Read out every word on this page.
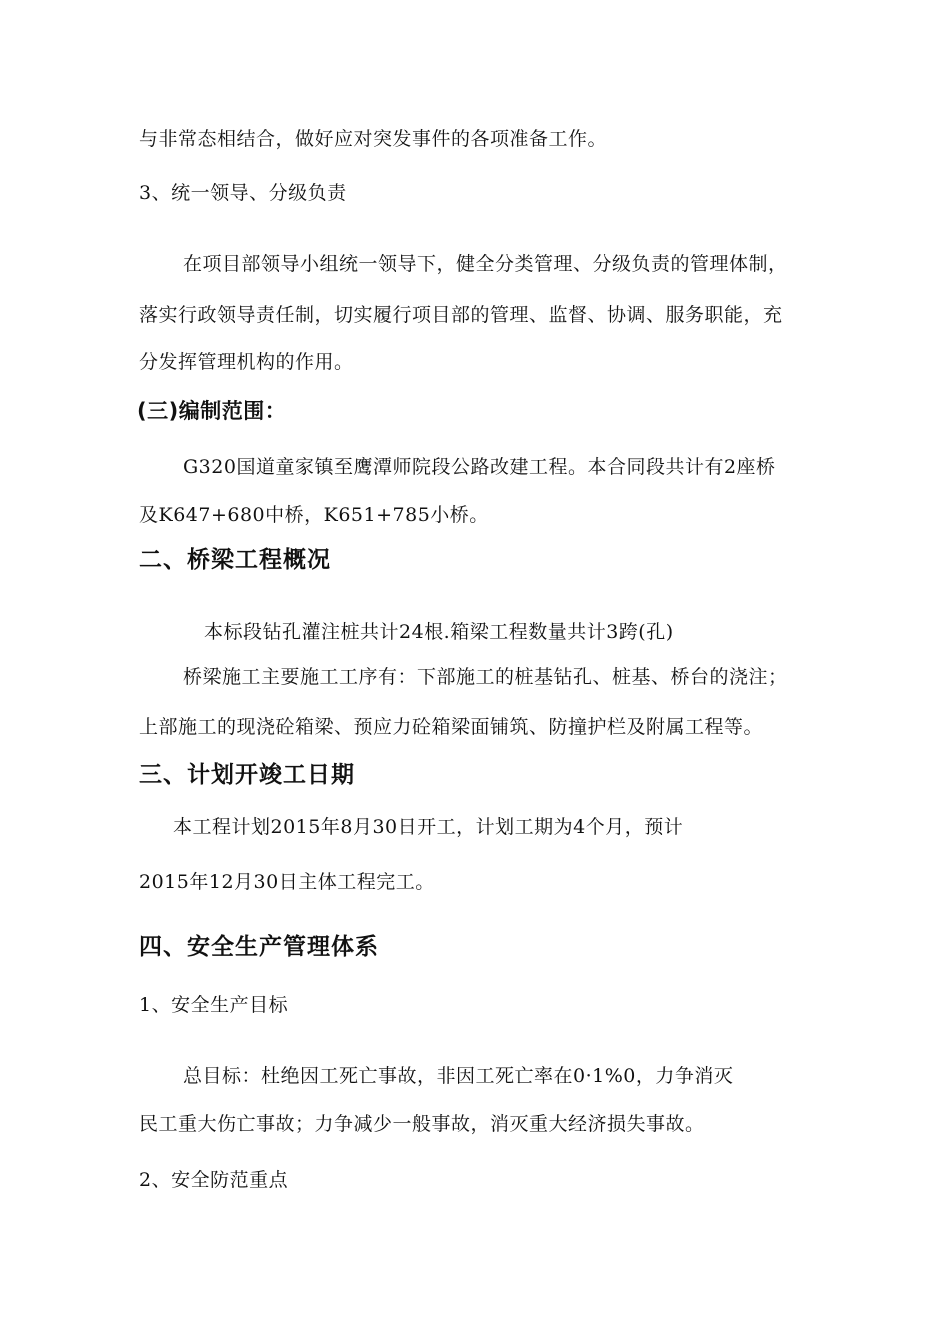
与非常态相结合，做好应对突发事件的各项准备工作。
3、统一领导、分级负责
在项目部领导小组统一领导下，健全分类管理、分级负责的管理体制，
落实行政领导责任制，切实履行项目部的管理、监督、协调、服务职能，充
分发挥管理机构的作用。
(三)编制范围：
G320国道童家镇至鹰潭师院段公路改建工程。本合同段共计有2座桥
及K647+680中桥，K651+785小桥。
二、桥梁工程概况
本标段钻孔灌注桩共计24根.箱梁工程数量共计3跨(孔)
桥梁施工主要施工工序有：下部施工的桩基钻孔、桩基、桥台的浇注；
上部施工的现浇砼箱梁、预应力砼箱梁面铺筑、防撞护栏及附属工程等。
三、计划开竣工日期
本工程计划2015年8月30日开工，计划工期为4个月，预计
2015年12月30日主体工程完工。
四、安全生产管理体系
1、安全生产目标
总目标：杜绝因工死亡事故，非因工死亡率在0·1%0，力争消灭
民工重大伤亡事故；力争减少一般事故，消灭重大经济损失事故。
2、安全防范重点
